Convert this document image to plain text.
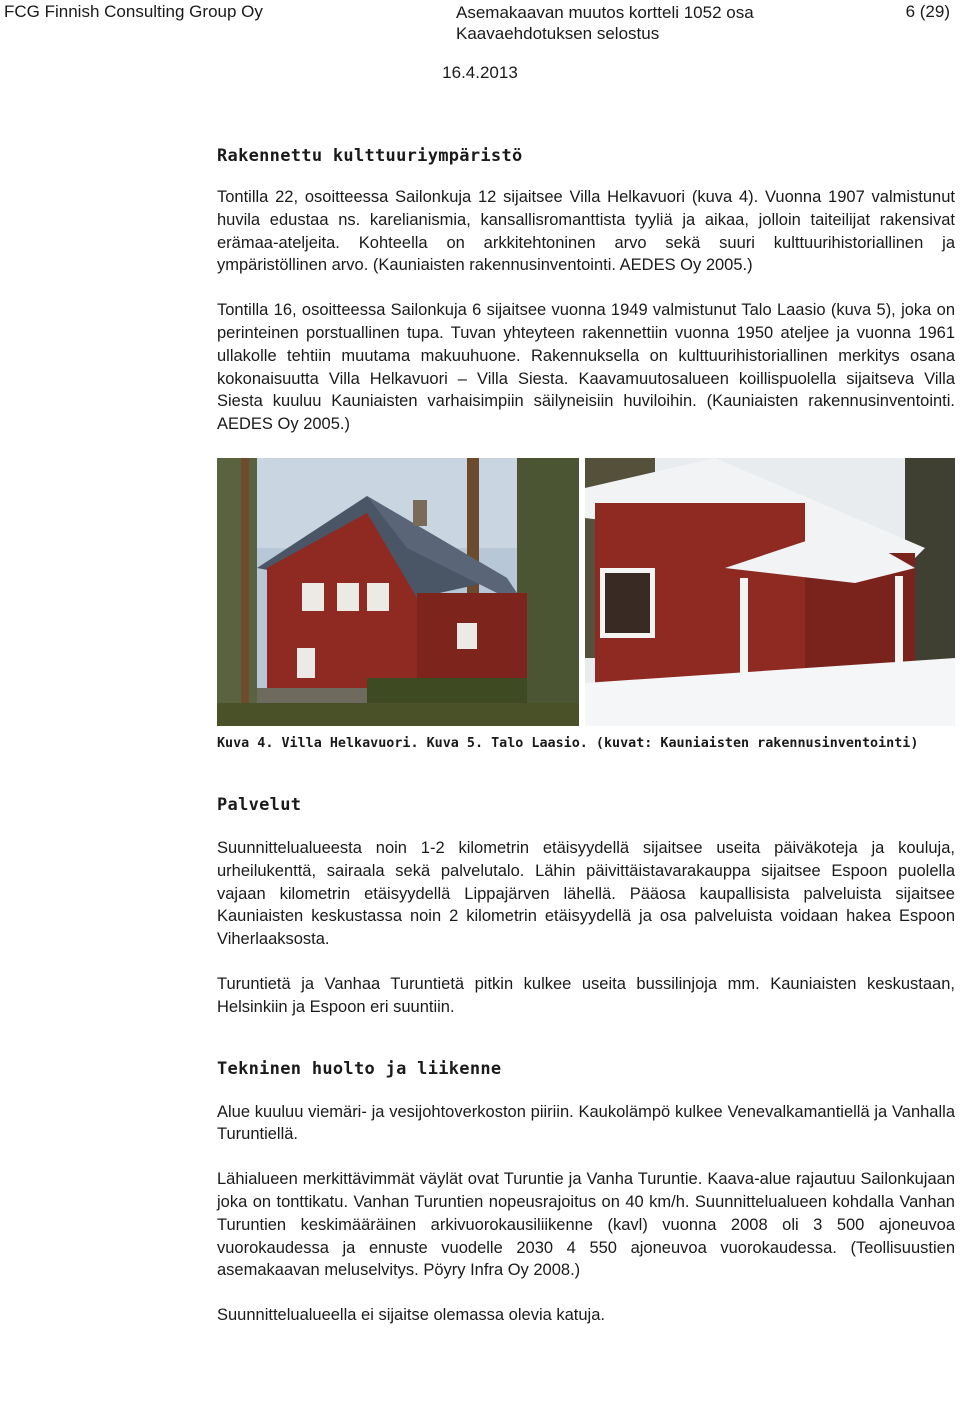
FCG Finnish Consulting Group Oy	Asemakaavan muutos kortteli 1052 osa
Kaavaehdotuksen selostus
6 (29)
16.4.2013
Rakennettu kulttuuriympäristö

Tontilla 22, osoitteessa Sailonkuja 12 sijaitsee Villa Helkavuori (kuva 4). Vuonna 1907 valmistunut huvila edustaa ns. karelianismia, kansallisromanttista tyyliä ja aikaa, jolloin taiteilijat rakensivat erämaa-ateljeita. Kohteella on arkkitehtoninen arvo sekä suuri kulttuurihistoriallinen ja ympäristöllinen arvo. (Kauniaisten rakennusinventointi. AEDES Oy 2005.)

Tontilla 16, osoitteessa Sailonkuja 6 sijaitsee vuonna 1949 valmistunut Talo Laasio (kuva 5), joka on perinteinen porstuallinen tupa. Tuvan yhteyteen rakennettiin vuonna 1950 ateljee ja vuonna 1961 ullakolle tehtiin muutama makuuhuone. Rakennuksella on kulttuurihistoriallinen merkitys osana kokonaisuutta Villa Helkavuori – Villa Siesta. Kaavamuutosalueen koillispuolella sijaitseva Villa Siesta kuuluu Kauniaisten varhaisimpiin säilyneisiin huviloihin. (Kauniaisten rakennusinventointi. AEDES Oy 2005.)

Kuva 4. Villa Helkavuori. Kuva 5. Talo Laasio. (kuvat: Kauniaisten rakennusinventointi)
Palvelut

Suunnittelualueesta noin 1-2 kilometrin etäisyydellä sijaitsee useita päiväkoteja ja kouluja, urheilukenttä, sairaala sekä palvelutalo. Lähin päivittäistavarakauppa sijaitsee Espoon puolella vajaan kilometrin etäisyydellä Lippajärven lähellä. Pääosa kaupallisista palveluista sijaitsee Kauniaisten keskustassa noin 2 kilometrin etäisyydellä ja osa palveluista voidaan hakea Espoon Viherlaaksosta.

Turuntietä ja Vanhaa Turuntietä pitkin kulkee useita bussilinjoja mm. Kauniaisten keskustaan, Helsinkiin ja Espoon eri suuntiin.

Tekninen huolto ja liikenne

Alue kuuluu viemäri- ja vesijohtoverkoston piiriin. Kaukolämpö kulkee Venevalkamantiellä ja Vanhalla Turuntiellä.

Lähialueen merkittävimmät väylät ovat Turuntie ja Vanha Turuntie. Kaava-alue rajautuu Sailonkujaan joka on tonttikatu. Vanhan Turuntien nopeusrajoitus on 40 km/h. Suunnittelualueen kohdalla Vanhan Turuntien keskimääräinen arkivuorokausiliikenne (kavl) vuonna 2008 oli 3 500 ajoneuvoa vuorokaudessa ja ennuste vuodelle 2030 4 550 ajoneuvoa vuorokaudessa. (Teollisuustien asemakaavan meluselvitys. Pöyry Infra Oy 2008.)

Suunnittelualueella ei sijaitse olemassa olevia katuja.
